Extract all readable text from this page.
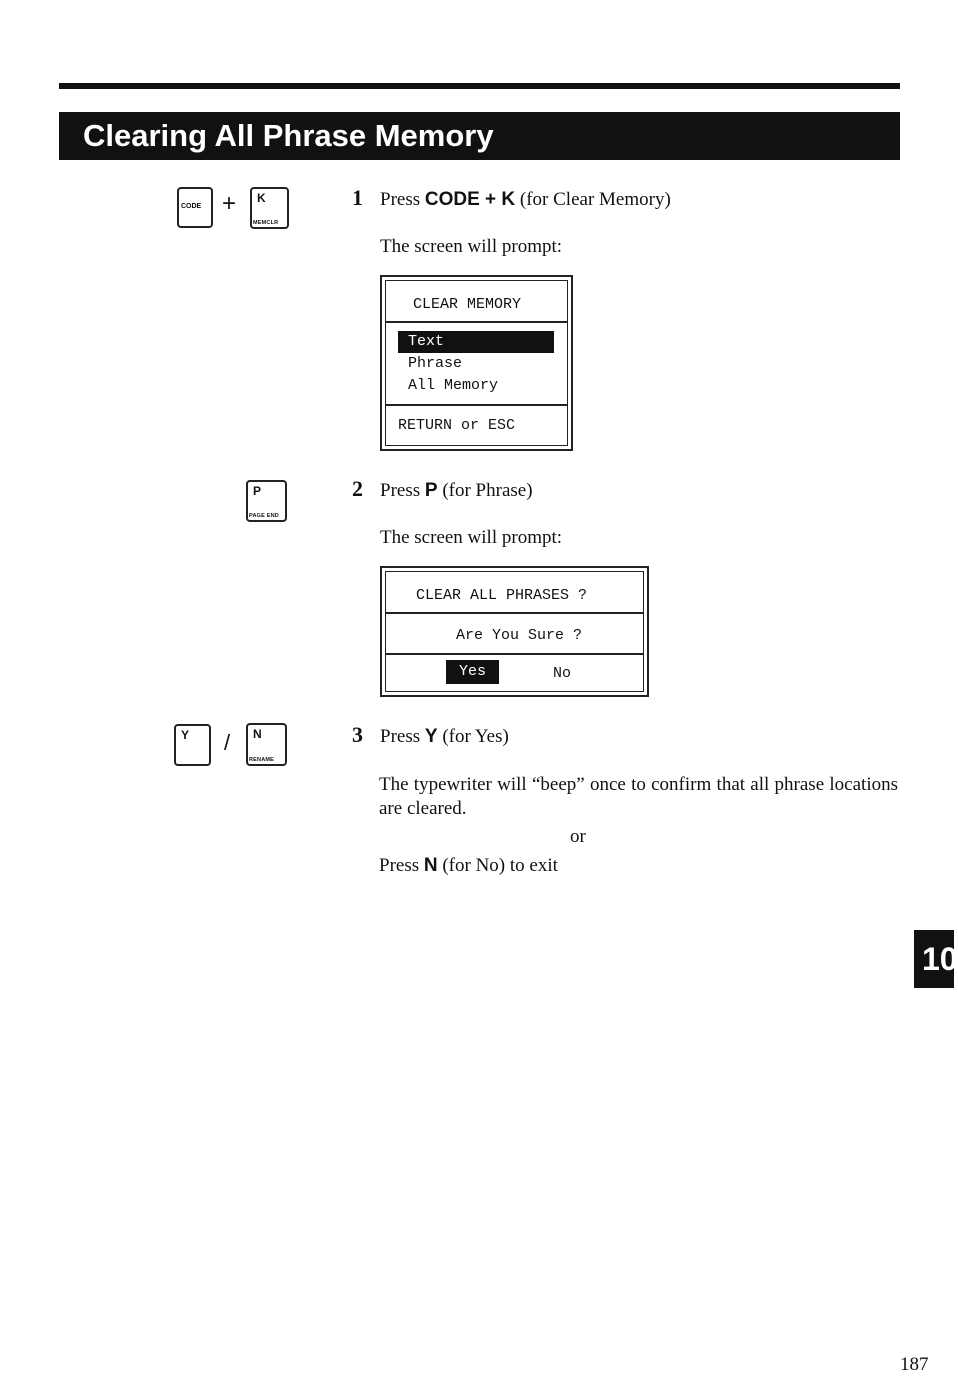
Clearing All Phrase Memory
CODE + K
MEMCLR
1 Press CODE + K (for Clear Memory)
The screen will prompt:
CLEAR MEMORY
Text
Phrase
All Memory
RETURN or ESC
P
PAGE END
2 Press P (for Phrase)
The screen will prompt:
CLEAR ALL PHRASES ?
Are You Sure ?
Yes	No
Y / N
RENAME
3 Press Y (for Yes)
The typewriter will “beep” once to confirm that all phrase locations are cleared.
or
Press N (for No) to exit
10
187
